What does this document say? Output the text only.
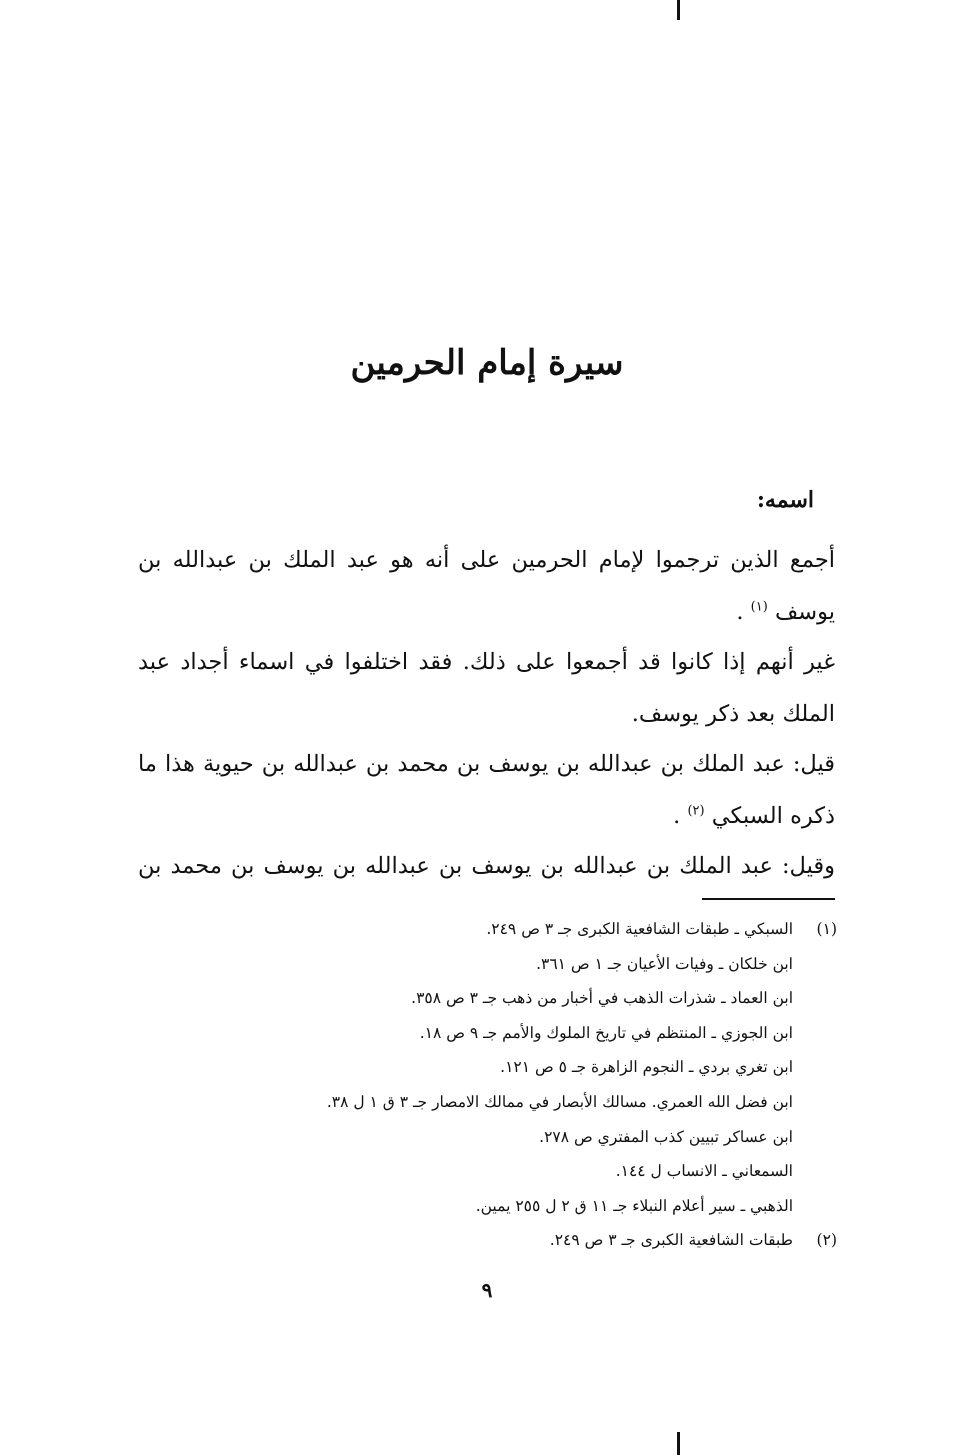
سيرة إمام الحرمين
اسمه:

أجمع الذين ترجموا لإمام الحرمين على أنه هو عبد الملك بن عبدالله بن يوسف $^{(١)}$ .

غير أنهم إذا كانوا قد أجمعوا على ذلك. فقد اختلفوا في اسماء أجداد عبد الملك بعد ذكر يوسف.

قيل: عبد الملك بن عبدالله بن يوسف بن محمد بن عبدالله بن حيوية هذا ما ذكره السبكي $^{(٢)}$ .

وقيل: عبد الملك بن عبدالله بن يوسف بن عبدالله بن يوسف بن محمد بن

(١)السبكي ـ طبقات الشافعية الكبرى جـ ٣ ص ٢٤٩.
ابن خلكان ـ وفيات الأعيان جـ ١ ص ٣٦١.
ابن العماد ـ شذرات الذهب في أخبار من ذهب جـ ٣ ص ٣٥٨.
ابن الجوزي ـ المنتظم في تاريخ الملوك والأمم جـ ٩ ص ١٨.
ابن تغري بردي ـ النجوم الزاهرة جـ ٥ ص ١٢١.
ابن فضل الله العمري. مسالك الأبصار في ممالك الامصار جـ ٣ ق ١ ل ٣٨.
ابن عساكر تبيين كذب المفتري ص ٢٧٨.
السمعاني ـ الانساب ل ١٤٤.
الذهبي ـ سير أعلام النبلاء جـ ١١ ق ٢ ل ٢٥٥ يمين.
(٢)طبقات الشافعية الكبرى جـ ٣ ص ٢٤٩.
٩
